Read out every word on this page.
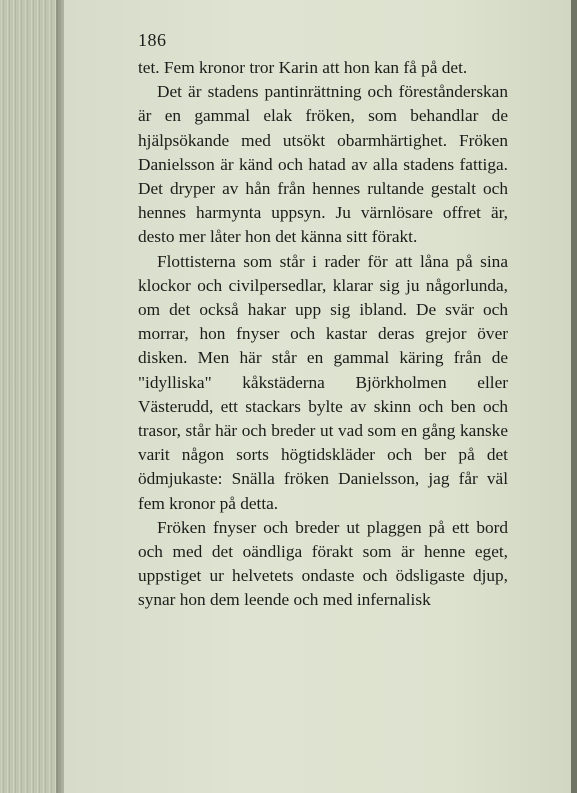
186

tet. Fem kronor tror Karin att hon kan få på det.

Det är stadens pantinrättning och förestånderskan är en gammal elak fröken, som behandlar de hjälpsökande med utsökt obarmhärtighet. Fröken Danielsson är känd och hatad av alla stadens fattiga. Det dryper av hån från hennes rultande gestalt och hennes harmynta uppsyn. Ju värnlösare offret är, desto mer låter hon det känna sitt förakt.

Flottisterna som står i rader för att låna på sina klockor och civilpersedlar, klarar sig ju någorlunda, om det också hakar upp sig ibland. De svär och morrar, hon fnyser och kastar deras grejor över disken. Men här står en gammal käring från de "idylliska" kåkstäderna Björkholmen eller Västerudd, ett stackars bylte av skinn och ben och trasor, står här och breder ut vad som en gång kanske varit någon sorts högtidskläder och ber på det ödmjukaste: Snälla fröken Danielsson, jag får väl fem kronor på detta.

Fröken fnyser och breder ut plaggen på ett bord och med det oändliga förakt som är henne eget, uppstiget ur helvetets ondaste och ödsligaste djup, synar hon dem leende och med infernalisk
